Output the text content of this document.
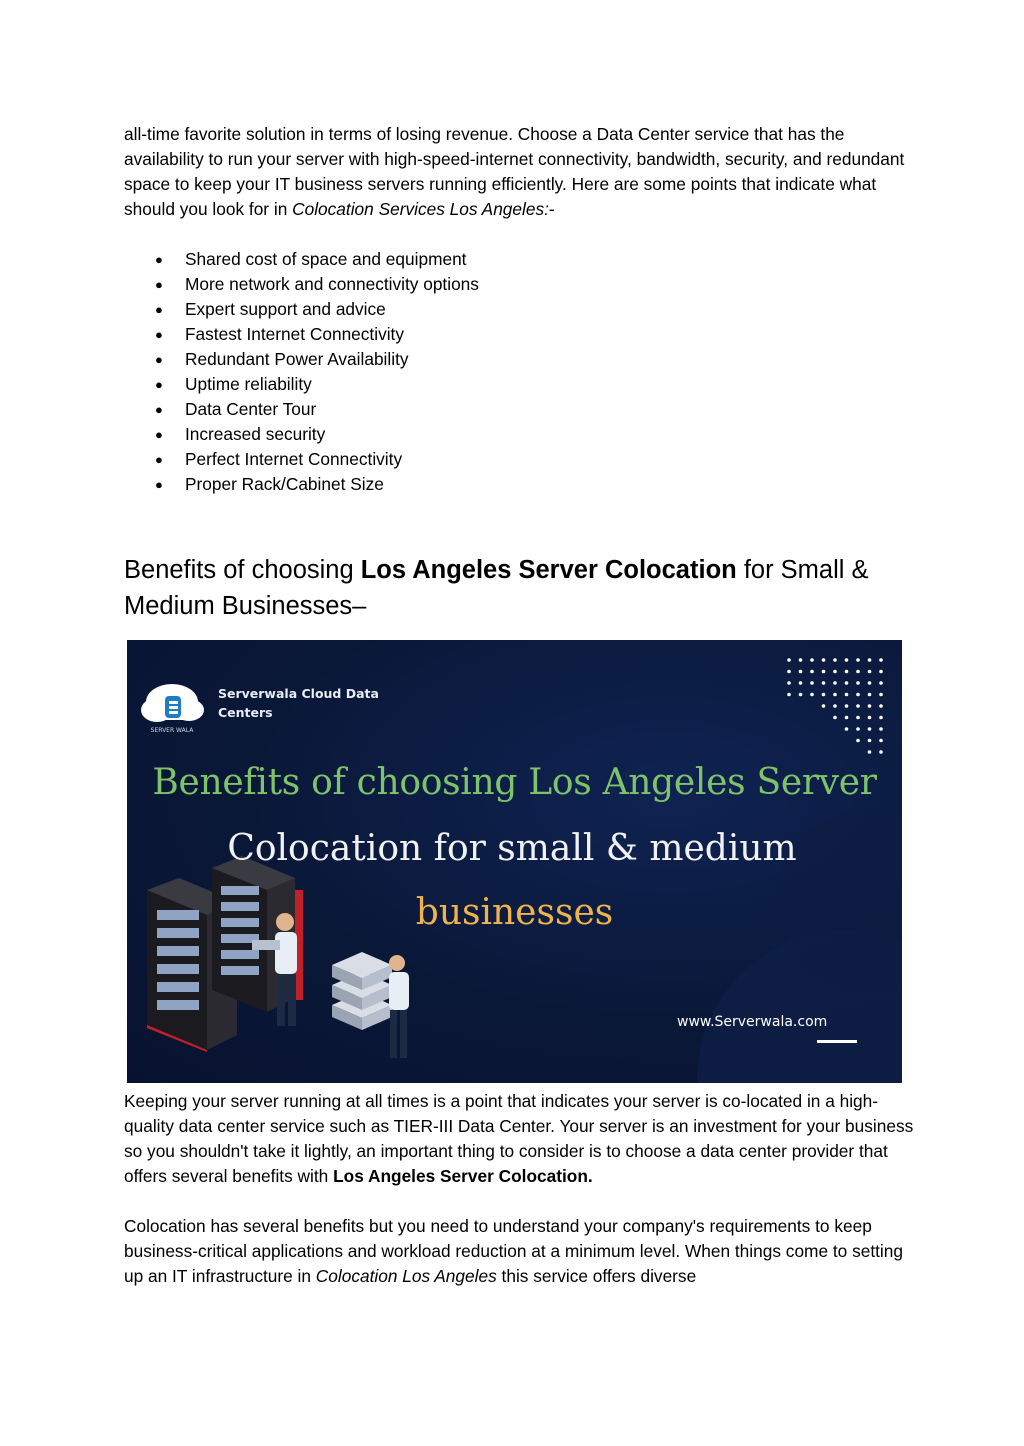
all-time favorite solution in terms of losing revenue. Choose a Data Center service that has the availability to run your server with high-speed-internet connectivity, bandwidth, security, and redundant space to keep your IT business servers running efficiently. Here are some points that indicate what should you look for in Colocation Services Los Angeles:-

● Shared cost of space and equipment
● More network and connectivity options
● Expert support and advice
● Fastest Internet Connectivity
● Redundant Power Availability
● Uptime reliability
● Data Center Tour
● Increased security
● Perfect Internet Connectivity
● Proper Rack/Cabinet Size
Benefits of choosing Los Angeles Server Colocation for Small & Medium Businesses–
SERVER WALA
Serverwala Cloud Data Centers
Benefits of choosing Los Angeles Server
Colocation for small & medium
businesses
www.Serverwala.com

Keeping your server running at all times is a point that indicates your server is co-located in a high-quality data center service such as TIER-III Data Center. Your server is an investment for your business so you shouldn't take it lightly, an important thing to consider is to choose a data center provider that offers several benefits with Los Angeles Server Colocation.

Colocation has several benefits but you need to understand your company's requirements to keep business-critical applications and workload reduction at a minimum level. When things come to setting up an IT infrastructure in Colocation Los Angeles this service offers diverse
